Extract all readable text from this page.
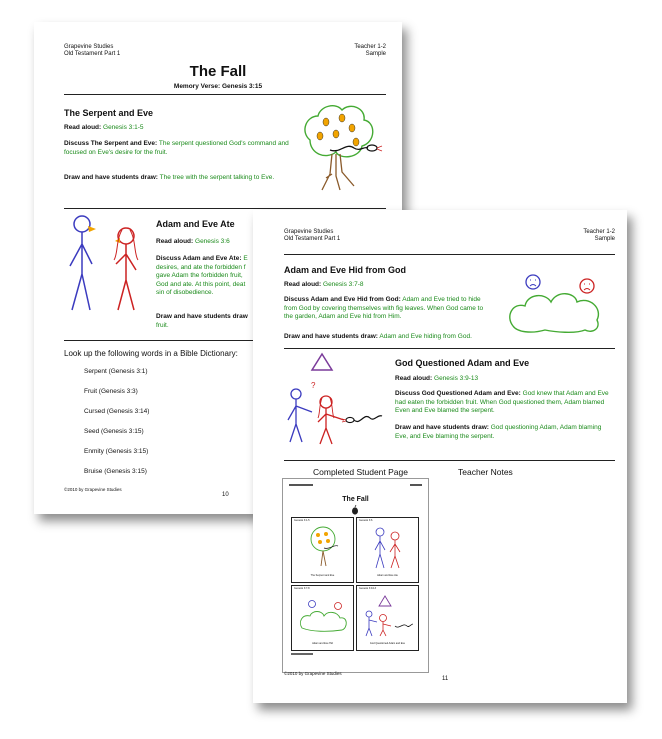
Grapevine Studies
Old Testament Part 1
Teacher 1-2
Sample
The Fall
Memory Verse: Genesis 3:15
The Serpent and Eve
Read aloud: Genesis 3:1-5
Discuss The Serpent and Eve: The serpent questioned God's command and focused on Eve's desire for the fruit.
Draw and have students draw: The tree with the serpent talking to Eve.
Adam and Eve Ate
Read aloud: Genesis 3:6
Discuss Adam and Eve Ate: E
desires, and ate the forbidden f
gave Adam the forbidden fruit,
God and ate. At this point, deat
sin of disobedience.
Draw and have students draw
fruit.
Look up the following words in a Bible Dictionary:
Serpent (Genesis 3:1)
Fruit (Genesis 3:3)
Cursed (Genesis 3:14)
Seed (Genesis 3:15)
Enmity (Genesis 3:15)
Bruise (Genesis 3:15)
©2010 by Grapevine Studies
10
Grapevine Studies
Old Testament Part 1
Teacher 1-2
Sample
Adam and Eve Hid from God
Read aloud: Genesis 3:7-8
Discuss Adam and Eve Hid from God: Adam and Eve tried to hide from God by covering themselves with fig leaves. When God came to the garden, Adam and Eve hid from Him.
Draw and have students draw: Adam and Eve hiding from God.
?
God Questioned Adam and Eve
Read aloud: Genesis 3:9-13
Discuss God Questioned Adam and Eve: God knew that Adam and Eve had eaten the forbidden fruit. When God questioned them, Adam blamed Even and Eve blamed the serpent.
Draw and have students draw: God questioning Adam, Adam blaming Eve, and Eve blaming the serpent.
Completed Student Page	Teacher Notes
The Fall
Genesis 3:1-5
The Serpent and Eve
Genesis 3:6
Adam and Eve Ate
Genesis 3:7-8
Adam and Eve Hid
Genesis 3:9-13
God Questioned Adam and Eve
©2010 by Grapevine Studies
11
